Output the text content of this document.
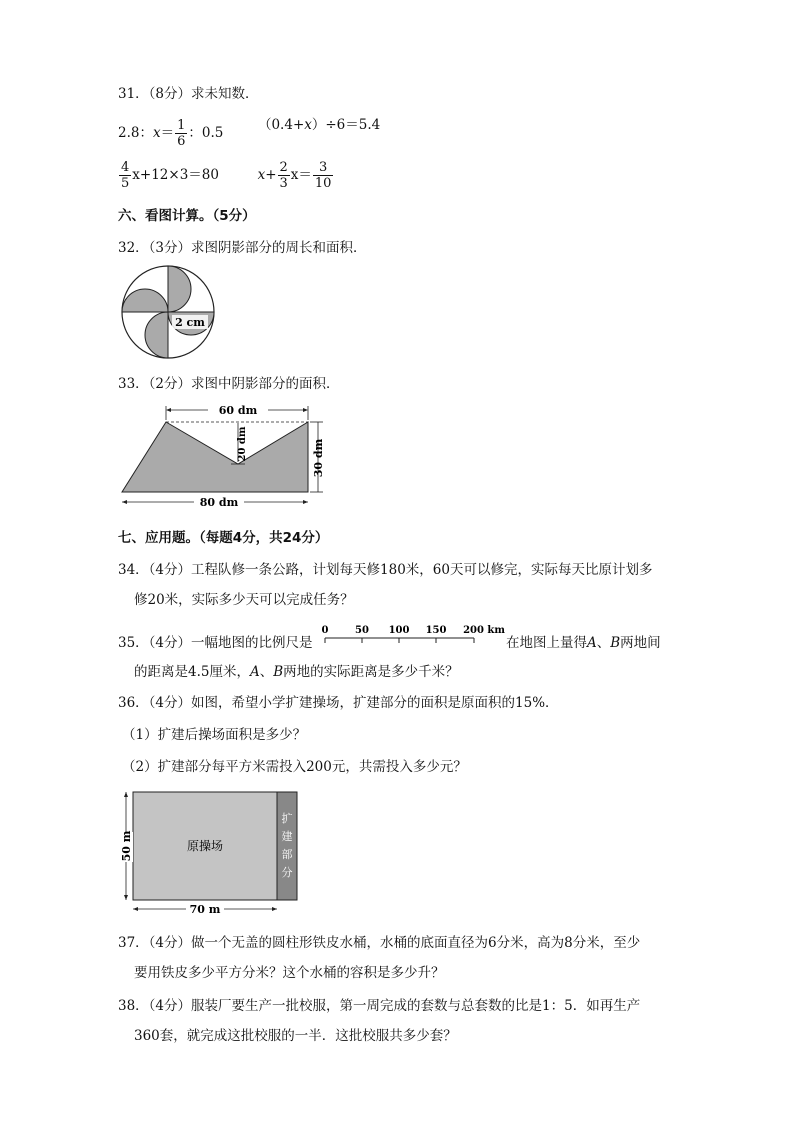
31．（8分）求未知数．
2.8：$x= \frac{1}{6}$ ：0.5	（0.4+x）÷6＝5.4
$\frac{4}{5} x+12\times 3=80$	$x+ \frac{2}{3} x= \frac{3}{10}$
六、看图计算。（5分）
32．（3分）求图阴影部分的周长和面积．
2 cm
33．（2分）求图中阴影部分的面积．
60 dm
20 dm	30 dm
80 dm
七、应用题。（每题4分，共24分）
34．（4分）工程队修一条公路，计划每天修180米，60天可以修完，实际每天比原计划多
修20米，实际多少天可以完成任务？
35．（4分）一幅地图的比例尺是
0	50 100 150 200 km
在地图上量得A、B两地间
的距离是4.5厘米，A、B两地的实际距离是多少千米？
36．（4分）如图，希望小学扩建操场，扩建部分的面积是原面积的15%．
（1）扩建后操场面积是多少？
（2）扩建部分每平方米需投入200元，共需投入多少元？
原操场
扩
建
部
分
50 m
70 m
37．（4分）做一个无盖的圆柱形铁皮水桶，水桶的底面直径为6分米，高为8分米，至少
要用铁皮多少平方分米？这个水桶的容积是多少升？
38．（4分）服装厂要生产一批校服，第一周完成的套数与总套数的比是1：5．如再生产
360套，就完成这批校服的一半．这批校服共多少套？
